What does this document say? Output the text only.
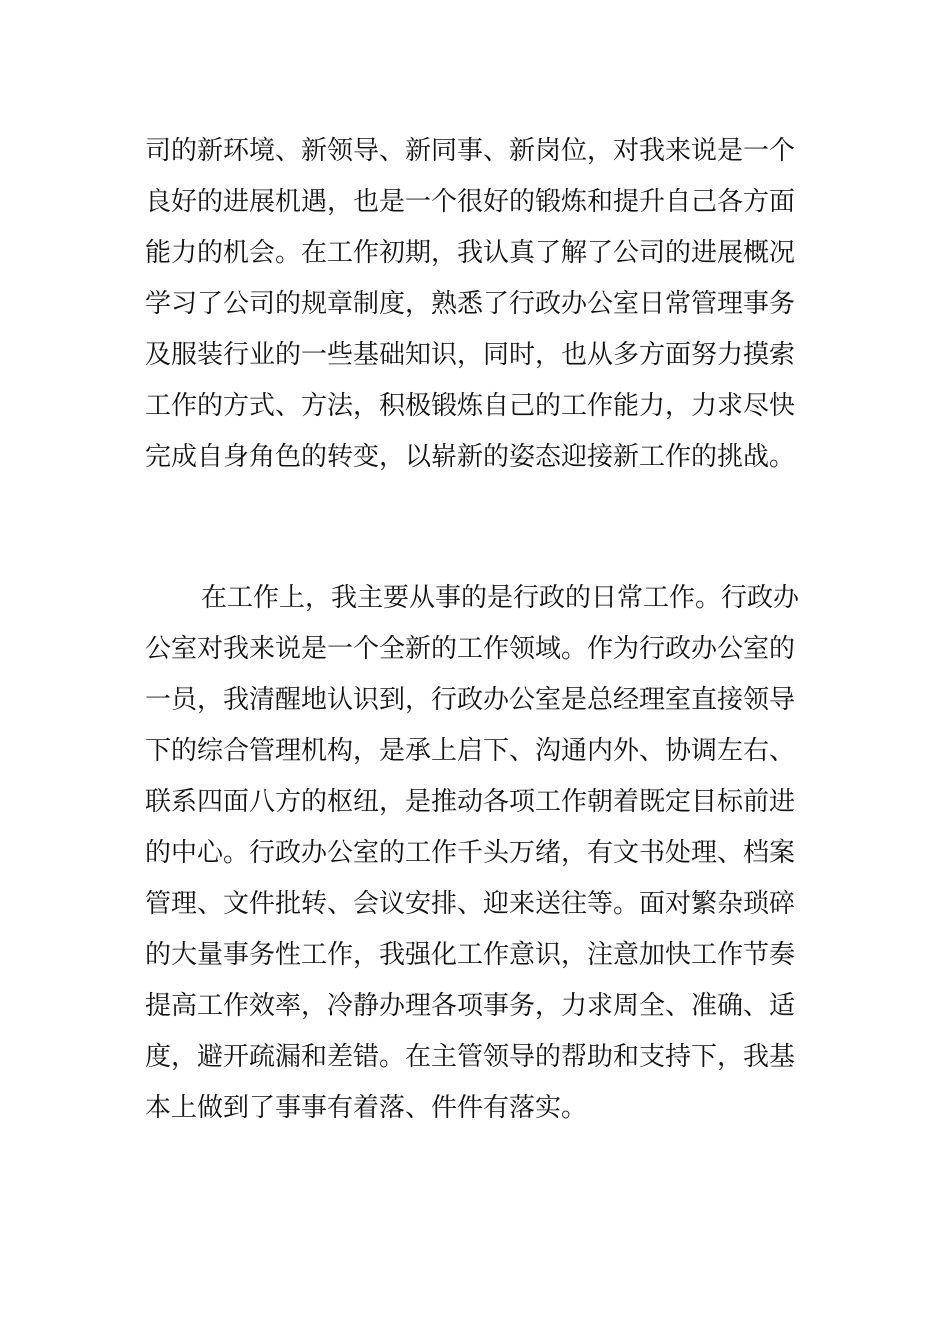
司的新环境、新领导、新同事、新岗位，对我来说是一个
良好的进展机遇，也是一个很好的锻炼和提升自己各方面
能力的机会。在工作初期，我认真了解了公司的进展概况
学习了公司的规章制度，熟悉了行政办公室日常管理事务
及服装行业的一些基础知识，同时，也从多方面努力摸索
工作的方式、方法，积极锻炼自己的工作能力，力求尽快
完成自身角色的转变，以崭新的姿态迎接新工作的挑战。
在工作上，我主要从事的是行政的日常工作。行政办
公室对我来说是一个全新的工作领域。作为行政办公室的
一员，我清醒地认识到，行政办公室是总经理室直接领导
下的综合管理机构，是承上启下、沟通内外、协调左右、
联系四面八方的枢纽，是推动各项工作朝着既定目标前进
的中心。行政办公室的工作千头万绪，有文书处理、档案
管理、文件批转、会议安排、迎来送往等。面对繁杂琐碎
的大量事务性工作，我强化工作意识，注意加快工作节奏
提高工作效率，冷静办理各项事务，力求周全、准确、适
度，避开疏漏和差错。在主管领导的帮助和支持下，我基
本上做到了事事有着落、件件有落实。
